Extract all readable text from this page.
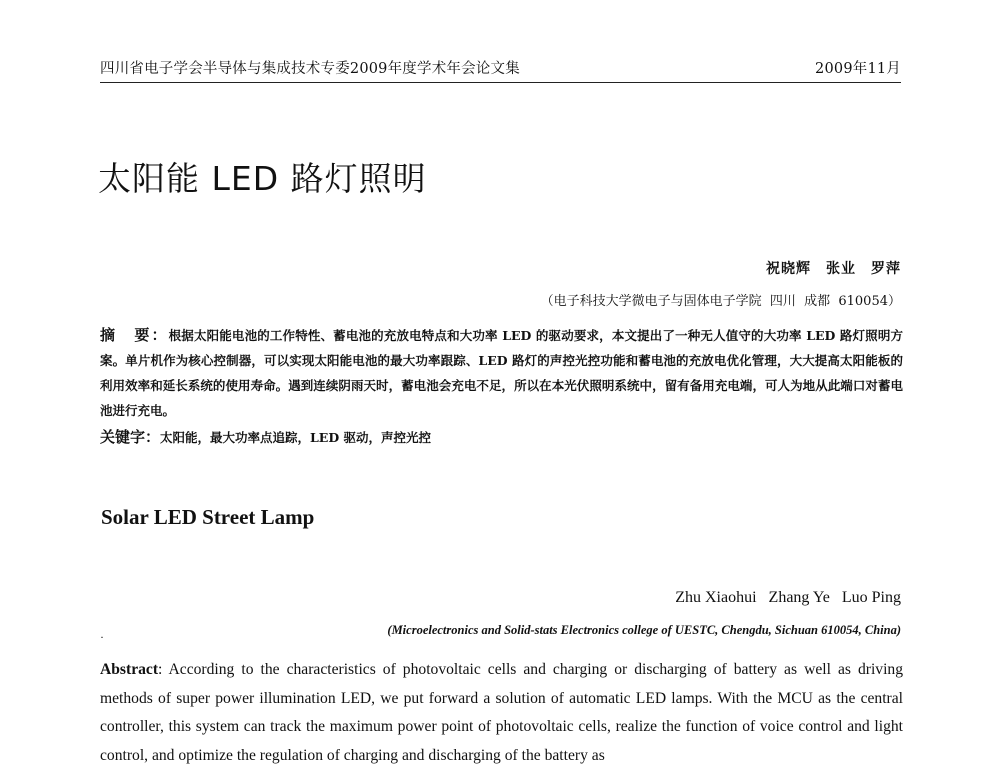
四川省电子学会半导体与集成技术专委2009年度学术年会论文集	2009年11月
太阳能 LED 路灯照明
祝晓辉　张业　罗萍
（电子科技大学微电子与固体电子学院  四川  成都  610054）
摘　要：根据太阳能电池的工作特性、蓄电池的充放电特点和大功率 LED 的驱动要求，本文提出了一种无人值守的大功率 LED 路灯照明方案。单片机作为核心控制器，可以实现太阳能电池的最大功率跟踪、LED 路灯的声控光控功能和蓄电池的充放电优化管理，大大提高太阳能板的利用效率和延长系统的使用寿命。遇到连续阴雨天时，蓄电池会充电不足，所以在本光伏照明系统中，留有备用充电端，可人为地从此端口对蓄电池进行充电。
关键字：太阳能，最大功率点追踪，LED 驱动，声控光控
Solar LED Street Lamp
Zhu Xiaohui   Zhang Ye   Luo Ping
(Microelectronics and Solid-stats Electronics college of UESTC, Chengdu, Sichuan 610054, China)
·
Abstract: According to the characteristics of photovoltaic cells and charging or discharging of battery as well as driving methods of super power illumination LED, we put forward a solution of automatic LED lamps. With the MCU as the central controller, this system can track the maximum power point of photovoltaic cells, realize the function of voice control and light control, and optimize the regulation of charging and discharging of the battery as
